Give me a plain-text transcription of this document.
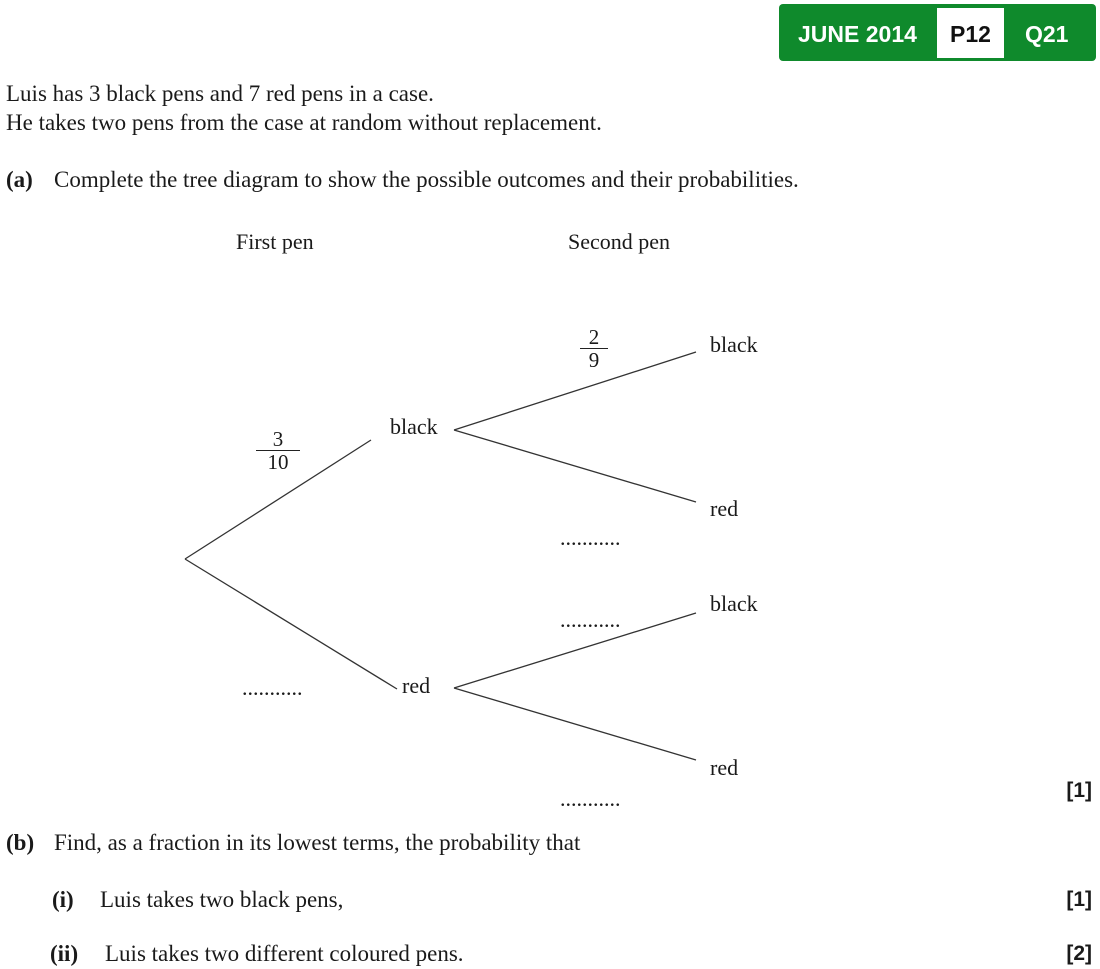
JUNE 2014	P12	Q21
Luis has 3 black pens and 7 red pens in a case.
He takes two pens from the case at random without replacement.
(a) Complete the tree diagram to show the possible outcomes and their probabilities.
First pen	Second pen
black
red
$\frac{3}{10}$
...........
black
red
black
red
$\frac{2}{9}$
...........
...........
...........	[1]
(b) Find, as a fraction in its lowest terms, the probability that
(i) Luis takes two black pens,	[1]
(ii) Luis takes two different coloured pens.	[2]
